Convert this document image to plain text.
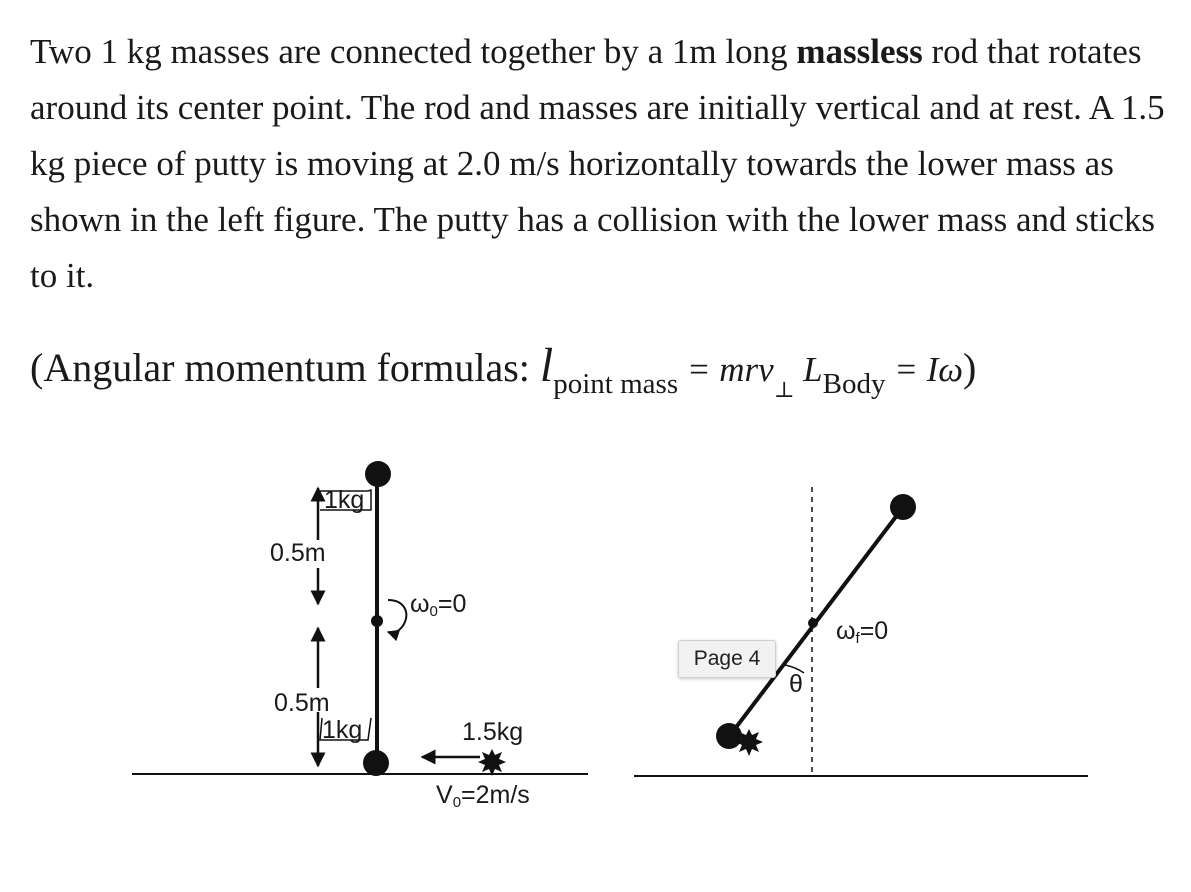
Two 1 kg masses are connected together by a 1m long massless rod that rotates around its center point. The rod and masses are initially vertical and at rest. A 1.5 kg piece of putty is moving at 2.0 m/s horizontally towards the lower mass as shown in the left figure. The putty has a collision with the lower mass and sticks to it.

(Angular momentum formulas: $l_{point mass} = mrv_\perp$ $L_{Body} = I\omega$)
1kg
0.5m
0.5m
1kg
ω0=0
1.5kg
V0=2m/s
θ
ωf=0
Page 4
